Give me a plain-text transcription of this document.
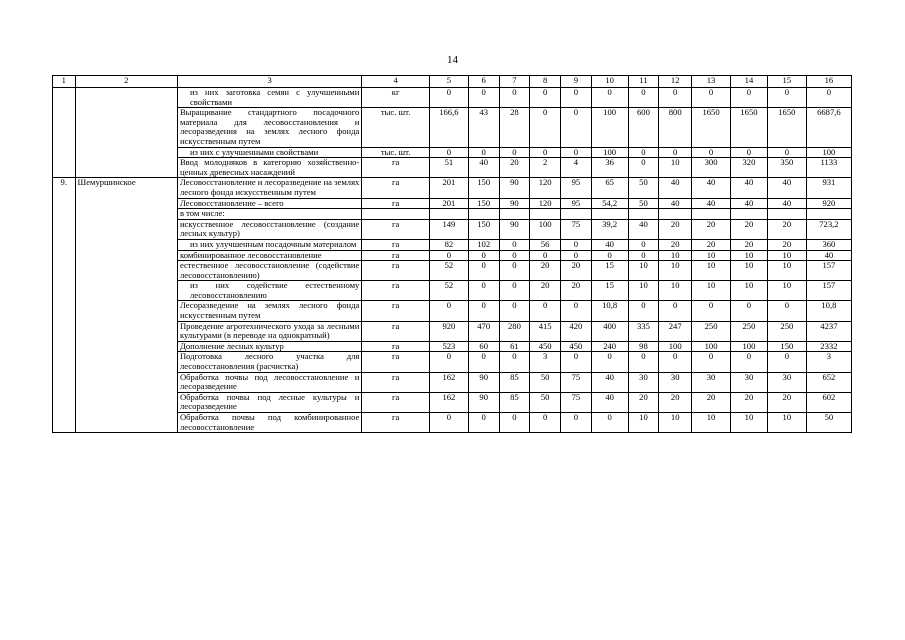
14
1	2	3	4	5	6	7	8	9	10	11	12	13	14	15	16
		из них заготовка семян с улучшенными свойствами	кг	0	0	0	0	0	0	0	0	0	0	0	0
		Выращивание стандартного посадочного материала для лесовосстановления и лесоразведения на землях лесного фонда искусственным путем	тыс. шт.	166,6	43	28	0	0	100	600	800	1650	1650	1650	6687,6
		из них с улучшенными свойствами	тыс. шт.	0	0	0	0	0	100	0	0	0	0	0	100
		Ввод молодняков в категорию хозяйственно-ценных древесных насаждений	га	51	40	20	2	4	36	0	10	300	320	350	1133
9.	Шемуршинское	Лесовосстановление и лесоразведение на землях лесного фонда искусственным путем	га	201	150	90	120	95	65	50	40	40	40	40	931
		Лесовосстановление – всего	га	201	150	90	120	95	54,2	50	40	40	40	40	920
		в том числе:													
		искусственное лесовосстановление (создание лесных культур)	га	149	150	90	100	75	39,2	40	20	20	20	20	723,2
		из них улучшенным посадочным материалом	га	82	102	0	56	0	40	0	20	20	20	20	360
		комбинированное лесовосстановление	га	0	0	0	0	0	0	0	10	10	10	10	40
		естественное лесовосстановление (содействие лесовосстановлению)	га	52	0	0	20	20	15	10	10	10	10	10	157
		из них содействие естественному лесовосстановлению	га	52	0	0	20	20	15	10	10	10	10	10	157
		Лесоразведение на землях лесного фонда искусственным путем	га	0	0	0	0	0	10,8	0	0	0	0	0	10,8
		Проведение агротехнического ухода за лесными культурами (в переводе на однократный)	га	920	470	280	415	420	400	335	247	250	250	250	4237
		Дополнение лесных культур	га	523	60	61	450	450	240	98	100	100	100	150	2332
		Подготовка лесного участка для лесовосстановления (расчистка)	га	0	0	0	3	0	0	0	0	0	0	0	3
		Обработка почвы под лесовосстановление и лесоразведение	га	162	90	85	50	75	40	30	30	30	30	30	652
		Обработка почвы под лесные культуры и лесоразведение	га	162	90	85	50	75	40	20	20	20	20	20	602
		Обработка почвы под комбинированное лесовосстановление	га	0	0	0	0	0	0	10	10	10	10	10	50
